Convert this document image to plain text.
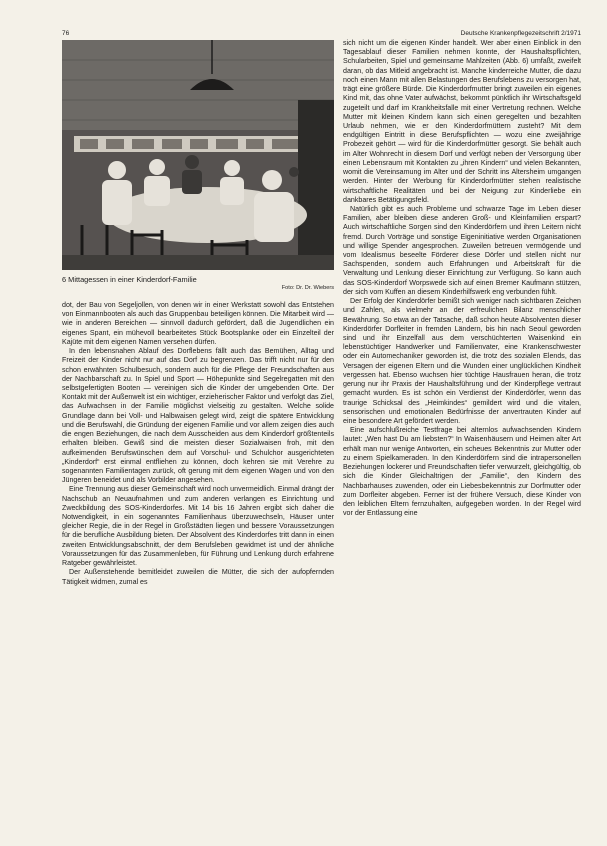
76	Deutsche Krankenpflegezeitschrift 2/1971
6 Mittagessen in einer Kinderdorf-Familie
Foto: Dr. Dr. Wiebers

dot, der Bau von Segeljollen, von denen wir in einer Werkstatt sowohl das Entstehen von Einmannbooten als auch das Gruppenbau beteiligen können. Die Mitarbeit wird — wie in anderen Bereichen — sinnvoll dadurch gefördert, daß die Jugendlichen ein eigenes Spant, ein mühevoll bearbeitetes Stück Bootsplanke oder ein Einzelteil der Kajüte mit dem eigenen Namen versehen dürfen.

In den lebensnahen Ablauf des Dorflebens fällt auch das Bemühen, Alltag und Freizeit der Kinder nicht nur auf das Dorf zu begrenzen. Das trifft nicht nur für den schon erwähnten Schulbesuch, sondern auch für die Pflege der Freundschaften aus der Nachbarschaft zu. In Spiel und Sport — Höhepunkte sind Segelregatten mit den selbstgefertigten Booten — vereinigen sich die Kinder der umgebenden Orte. Der Kontakt mit der Außenwelt ist ein wichtiger, erzieherischer Faktor und verfolgt das Ziel, das Aufwachsen in der Familie möglichst vielseitig zu gestalten. Welche solide Grundlage dann bei Voll- und Halbwaisen gelegt wird, zeigt die spätere Entwicklung und die Berufswahl, die Gründung der eigenen Familie und vor allem zeigen dies auch die engen Beziehungen, die nach dem Ausscheiden aus dem Kinderdorf größtenteils erhalten bleiben. Gewiß sind die meisten dieser Sozialwaisen froh, mit den aufkeimenden Berufswünschen dem auf Vorschul- und Schulchor ausgerichteten „Kinderdorf“ erst einmal entfliehen zu können, doch kehren sie mit Verehre zu sogenannten Familientagen zurück, oft gerung mit dem eigenen Wagen und von den Jüngeren beneidet und als Vorbilder angesehen.

Eine Trennung aus dieser Gemeinschaft wird noch unvermeidlich. Einmal drängt der Nachschub an Neuaufnahmen und zum anderen verlangen es Einrichtung und Zweckbildung des SOS-Kinderdorfes. Mit 14 bis 16 Jahren ergibt sich daher die Notwendigkeit, in ein sogenanntes Familienhaus überzuwechseln, Häuser unter gleicher Regie, die in der Regel in Großstädten liegen und bessere Voraussetzungen für die berufliche Ausbildung bieten. Der Absolvent des Kinderdorfes tritt dann in einen zweiten Entwicklungsabschnitt, der dem Berufsleben gewidmet ist und der ähnliche Voraussetzungen für das Zusammenleben, für Führung und Lenkung durch erfahrene Ratgeber gewährleistet.

Der Außenstehende bemitleidet zuweilen die Mütter, die sich der aufopfernden Tätigkeit widmen, zumal es

sich nicht um die eigenen Kinder handelt. Wer aber einen Einblick in den Tagesablauf dieser Familien nehmen konnte, der Haushaltspflichten, Schularbeiten, Spiel und gemeinsame Mahlzeiten (Abb. 6) umfaßt, zweifelt daran, ob das Mitleid angebracht ist. Manche kinderreiche Mutter, die dazu noch einen Mann mit allen Belastungen des Berufslebens zu versorgen hat, trägt eine größere Bürde. Die Kinderdorfmutter bringt zuweilen ein eigenes Kind mit, das ohne Vater aufwächst, bekommt pünktlich ihr Wirtschaftsgeld zugeteilt und darf im Krankheitsfalle mit einer Vertretung rechnen. Welche Mutter mit kleinen Kindern kann sich einen geregelten und bezahlten Urlaub nehmen, wie er den Kinderdorfmüttern zusteht? Mit dem endgültigen Eintritt in diese Berufspflichten — wozu eine zweijährige Probezeit gehört — wird für die Kinderdorfmütter gesorgt. Sie behält auch im Alter Wohnrecht in diesem Dorf und verfügt neben der Versorgung über einen Lebensraum mit Kontakten zu „ihren Kindern“ und vielen Bekannten, womit die Vereinsamung im Alter und der Schritt ins Altersheim umgangen werden. Hinter der Werbung für Kinderdorfmütter stehen realistische wirtschaftliche Realitäten und bei der Neigung zur Kinderliebe ein dankbares Betätigungsfeld.

Natürlich gibt es auch Probleme und schwarze Tage im Leben dieser Familien, aber bleiben diese anderen Groß- und Kleinfamilien erspart? Auch wirtschaftliche Sorgen sind den Kinderdörfern und ihren Leitern nicht fremd. Durch Vorträge und sonstige Eigeninitiative werden Organisationen und willige Spender angesprochen. Zuweilen betreuen vermögende und vom Idealismus beseelte Förderer diese Dörfer und stellen nicht nur Sachspenden, sondern auch Erfahrungen und Arbeitskraft für die Verwaltung und Lenkung dieser Einrichtung zur Verfügung. So kann auch das SOS-Kinderdorf Worpswede sich auf einen Bremer Kaufmann stützen, der sich vom Kuffen an diesem Kinderhilfswerk eng verbunden fühlt.

Der Erfolg der Kinderdörfer bemißt sich weniger nach sichtbaren Zeichen und Zahlen, als vielmehr an der erfreulichen Bilanz menschlicher Bewährung. So etwa an der Tatsache, daß schon heute Absolventen dieser Kinderdörfer Dorfleiter in fremden Ländern, bis hin nach Seoul geworden sind und ihr Einzelfall aus dem verschüchterten Waisenkind ein lebenstüchtiger Handwerker und Familienvater, eine Krankenschwester oder ein Automechaniker geworden ist, die trotz des sozialen Elends, das Versagen der eigenen Eltern und die Wunden einer unglücklichen Kindheit vergessen hat. Ebenso wuchsen hier tüchtige Hausfrauen heran, die trotz gerung nur ihr Praxis der Haushaltsführung und der Kinderpflege vertraut gemacht wurden. Es ist schön ein Verdienst der Kinderdörfer, wenn das traurige Schicksal des „Heimkindes“ gemildert wird und die vitalen, sensorischen und emotionalen Bedürfnisse der anvertrauten Kinder auf eine besondere Art gefördert werden.

Eine aufschlußreiche Testfrage bei alternlos aufwachsenden Kindern lautet: „Wen hast Du am liebsten?“ In Waisenhäusern und Heimen alter Art erhält man nur wenige Antworten, ein scheues Bekenntnis zur Mutter oder zu einem Spielkameraden. In den Kinderdörfern sind die intrapersonellen Beziehungen lockerer und Freundschaften tiefer verwurzelt, gleichgültig, ob sich die Kinder Gleichaltrigen der „Familie“, den Kindern des Nachbarhauses zuwenden, oder ein Liebesbekenntnis zur Dorfmutter oder zum Dorfleiter abgeben. Ferner ist der frühere Versuch, diese Kinder von den leiblichen Eltern fernzuhalten, aufgegeben worden. In der Regel wird vor der Entlassung eine
